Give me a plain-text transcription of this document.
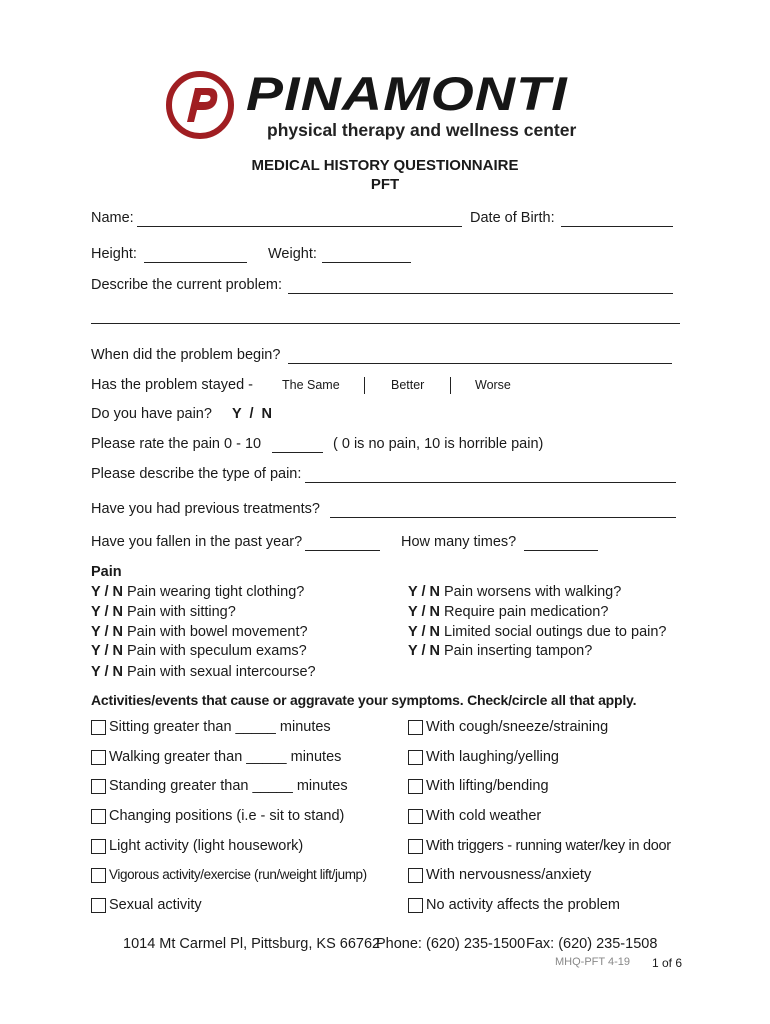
PINAMONTI
physical therapy and wellness center
MEDICAL HISTORY QUESTIONNAIRE
PFT
Name:	Date of Birth:
Height:	Weight:
Describe the current problem:
When did the problem begin?
Has the problem stayed - The Same	Better	Worse
Do you have pain? Y  /  N
Please rate the pain 0 - 10	( 0 is no pain, 10 is horrible pain)
Please describe the type of pain:
Have you had previous treatments?
Have you fallen in the past year?	How many times?
Pain
Y / N Pain wearing tight clothing?
Y / N Pain with sitting?
Y / N Pain with bowel movement?
Y / N Pain with speculum exams?
Y / N Pain with sexual intercourse?
Y / N Pain worsens with walking?
Y / N Require pain medication?
Y / N Limited social outings due to pain?
Y / N Pain inserting tampon?
Activities/events that cause or aggravate your symptoms. Check/circle all that apply.
Sitting greater than _____ minutes
Walking greater than _____ minutes
Standing greater than _____ minutes
Changing positions (i.e - sit to stand)
Light activity (light housework)
Vigorous activity/exercise (run/weight lift/jump)
Sexual activity
With cough/sneeze/straining
With laughing/yelling
With lifting/bending
With cold weather
With triggers - running water/key in door
With nervousness/anxiety
No activity affects the problem
1014 Mt Carmel Pl, Pittsburg, KS 66762
Phone: (620) 235-1500 Fax: (620) 235-1508
MHQ-PFT 4-19 1 of 6
